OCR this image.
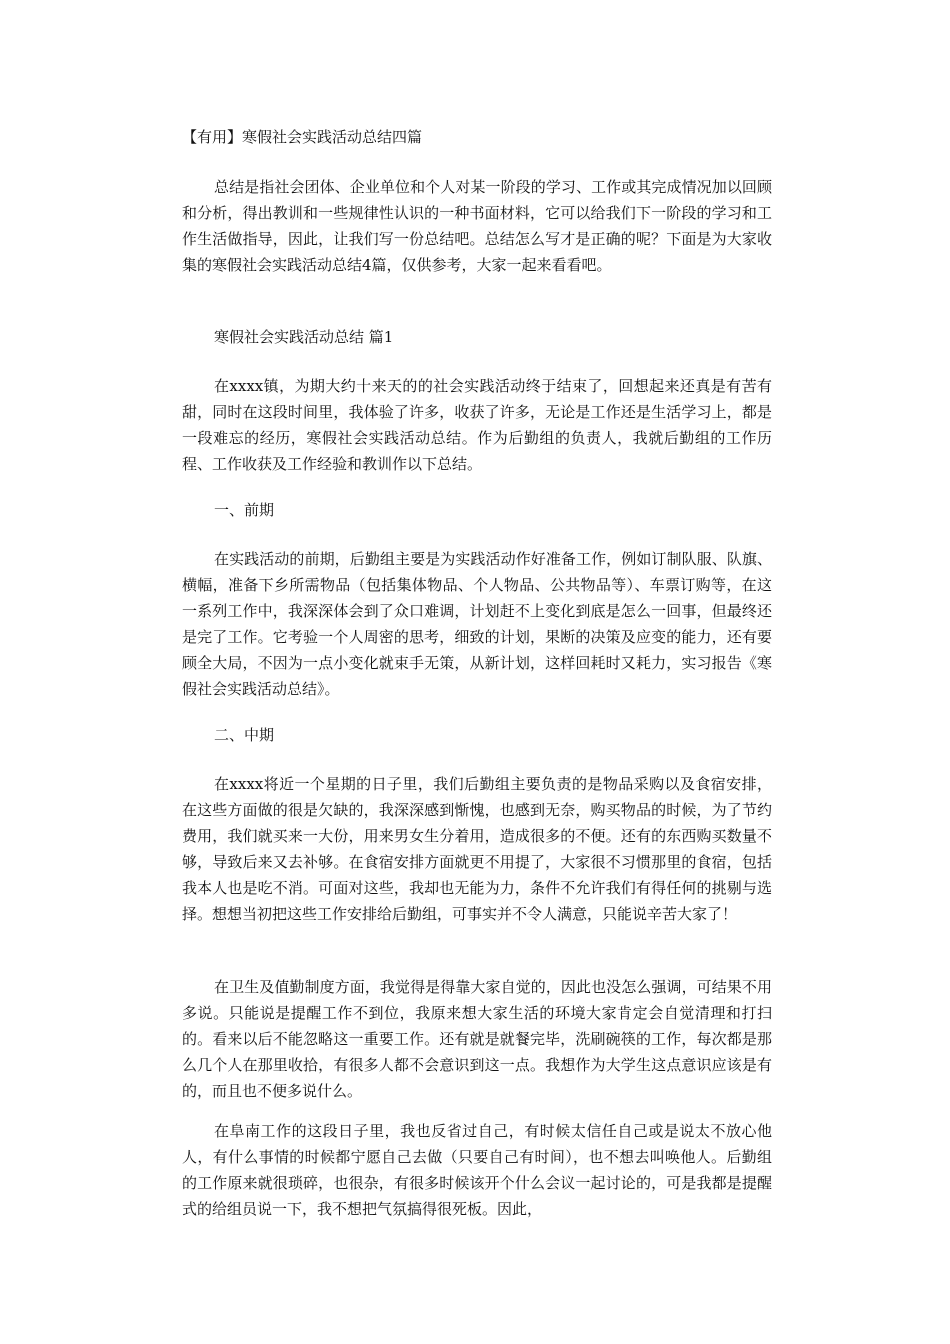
【有用】寒假社会实践活动总结四篇

总结是指社会团体、企业单位和个人对某一阶段的学习、工作或其完成情况加以回顾和分析，得出教训和一些规律性认识的一种书面材料，它可以给我们下一阶段的学习和工作生活做指导，因此，让我们写一份总结吧。总结怎么写才是正确的呢？下面是为大家收集的寒假社会实践活动总结4篇，仅供参考，大家一起来看看吧。

寒假社会实践活动总结 篇1

在xxxx镇，为期大约十来天的的社会实践活动终于结束了，回想起来还真是有苦有甜，同时在这段时间里，我体验了许多，收获了许多，无论是工作还是生活学习上，都是一段难忘的经历，寒假社会实践活动总结。作为后勤组的负责人，我就后勤组的工作历程、工作收获及工作经验和教训作以下总结。

一、前期

在实践活动的前期，后勤组主要是为实践活动作好准备工作，例如订制队服、队旗、横幅，准备下乡所需物品（包括集体物品、个人物品、公共物品等）、车票订购等，在这一系列工作中，我深深体会到了众口难调，计划赶不上变化到底是怎么一回事，但最终还是完了工作。它考验一个人周密的思考，细致的计划，果断的决策及应变的能力，还有要顾全大局，不因为一点小变化就束手无策，从新计划，这样回耗时又耗力，实习报告《寒假社会实践活动总结》。

二、中期

在xxxx将近一个星期的日子里，我们后勤组主要负责的是物品采购以及食宿安排，在这些方面做的很是欠缺的，我深深感到惭愧，也感到无奈，购买物品的时候，为了节约费用，我们就买来一大份，用来男女生分着用，造成很多的不便。还有的东西购买数量不够，导致后来又去补够。在食宿安排方面就更不用提了，大家很不习惯那里的食宿，包括我本人也是吃不消。可面对这些，我却也无能为力，条件不允许我们有得任何的挑剔与选择。想想当初把这些工作安排给后勤组，可事实并不令人满意，只能说辛苦大家了！

在卫生及值勤制度方面，我觉得是得靠大家自觉的，因此也没怎么强调，可结果不用多说。只能说是提醒工作不到位，我原来想大家生活的环境大家肯定会自觉清理和打扫的。看来以后不能忽略这一重要工作。还有就是就餐完毕，洗刷碗筷的工作，每次都是那么几个人在那里收拾，有很多人都不会意识到这一点。我想作为大学生这点意识应该是有的，而且也不便多说什么。

在阜南工作的这段日子里，我也反省过自己，有时候太信任自己或是说太不放心他人，有什么事情的时候都宁愿自己去做（只要自己有时间），也不想去叫唤他人。后勤组的工作原来就很琐碎，也很杂，有很多时候该开个什么会议一起讨论的，可是我都是提醒式的给组员说一下，我不想把气氛搞得很死板。因此，
